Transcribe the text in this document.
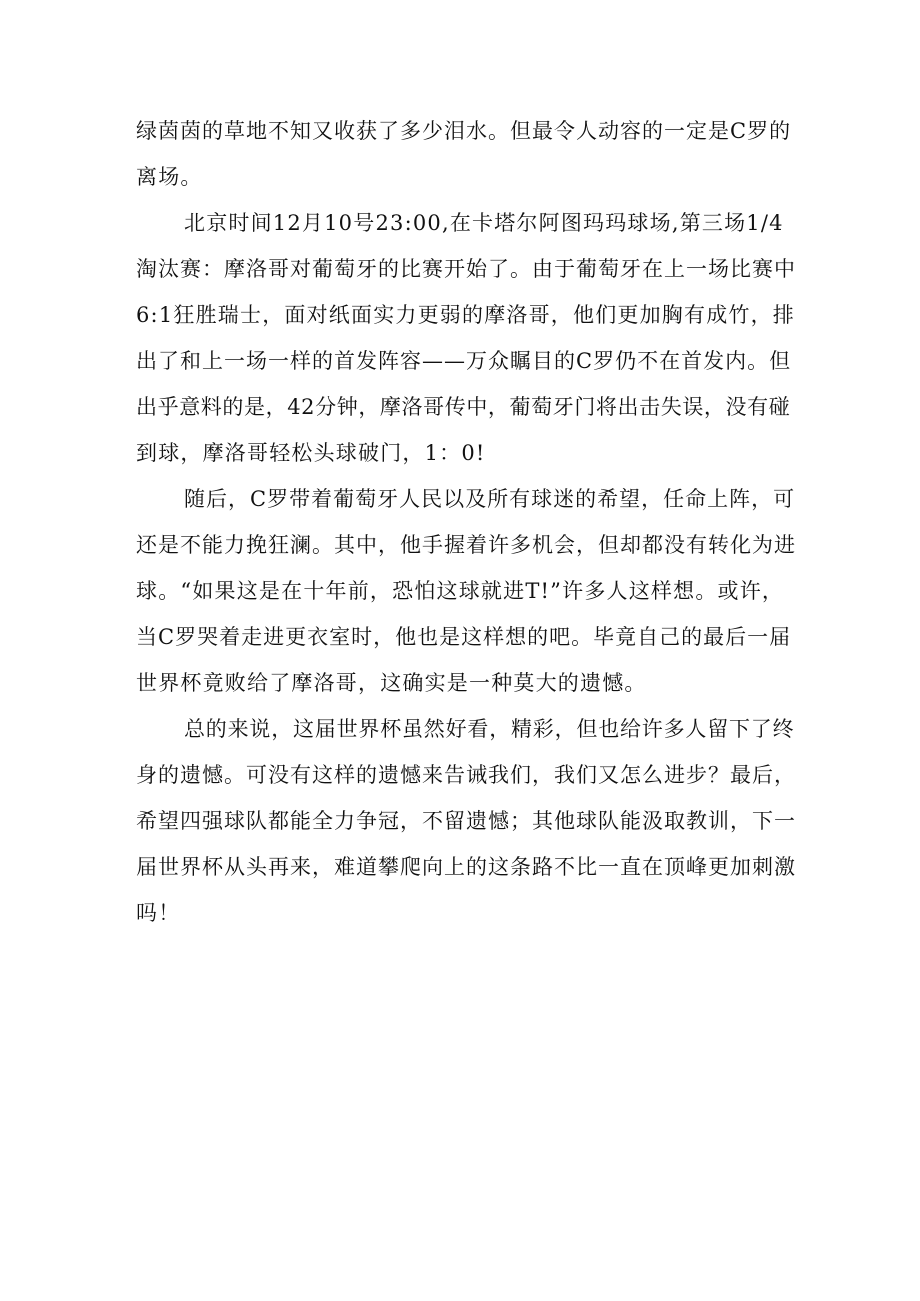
绿茵茵的草地不知又收获了多少泪水。但最令人动容的一定是C罗的
离场。
北京时间12月10号23:00,在卡塔尔阿图玛玛球场,第三场1/4
淘汰赛：摩洛哥对葡萄牙的比赛开始了。由于葡萄牙在上一场比赛中
6:1狂胜瑞士，面对纸面实力更弱的摩洛哥，他们更加胸有成竹，排
出了和上一场一样的首发阵容——万众瞩目的C罗仍不在首发内。但
出乎意料的是，42分钟，摩洛哥传中，葡萄牙门将出击失误，没有碰
到球，摩洛哥轻松头球破门，1：0!
随后，C罗带着葡萄牙人民以及所有球迷的希望，任命上阵，可
还是不能力挽狂澜。其中，他手握着许多机会，但却都没有转化为进
球。“如果这是在十年前，恐怕这球就进T!”许多人这样想。或许，
当C罗哭着走进更衣室时，他也是这样想的吧。毕竟自己的最后一届
世界杯竟败给了摩洛哥，这确实是一种莫大的遗憾。
总的来说，这届世界杯虽然好看，精彩，但也给许多人留下了终
身的遗憾。可没有这样的遗憾来告诫我们，我们又怎么进步？最后，
希望四强球队都能全力争冠，不留遗憾；其他球队能汲取教训，下一
届世界杯从头再来，难道攀爬向上的这条路不比一直在顶峰更加刺激
吗！
